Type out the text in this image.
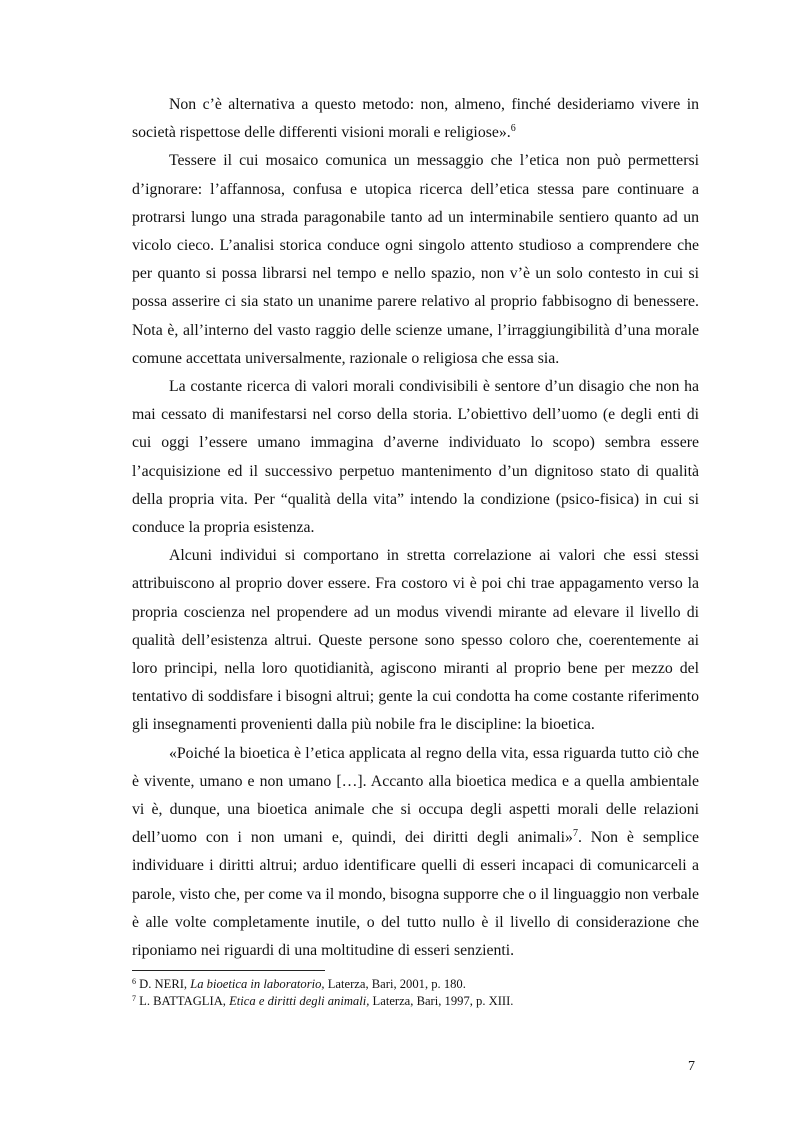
Non c’è alternativa a questo metodo: non, almeno, finché desideriamo vivere in società rispettose delle differenti visioni morali e religiose».$^6$

Tessere il cui mosaico comunica un messaggio che l’etica non può permettersi d’ignorare: l’affannosa, confusa e utopica ricerca dell’etica stessa pare continuare a protrarsi lungo una strada paragonabile tanto ad un interminabile sentiero quanto ad un vicolo cieco. L’analisi storica conduce ogni singolo attento studioso a comprendere che per quanto si possa librarsi nel tempo e nello spazio, non v’è un solo contesto in cui si possa asserire ci sia stato un unanime parere relativo al proprio fabbisogno di benessere. Nota è, all’interno del vasto raggio delle scienze umane, l’irraggiungibilità d’una morale comune accettata universalmente, razionale o religiosa che essa sia.

La costante ricerca di valori morali condivisibili è sentore d’un disagio che non ha mai cessato di manifestarsi nel corso della storia. L’obiettivo dell’uomo (e degli enti di cui oggi l’essere umano immagina d’averne individuato lo scopo) sembra essere l’acquisizione ed il successivo perpetuo mantenimento d’un dignitoso stato di qualità della propria vita. Per “qualità della vita” intendo la condizione (psico-fisica) in cui si conduce la propria esistenza.

Alcuni individui si comportano in stretta correlazione ai valori che essi stessi attribuiscono al proprio dover essere. Fra costoro vi è poi chi trae appagamento verso la propria coscienza nel propendere ad un modus vivendi mirante ad elevare il livello di qualità dell’esistenza altrui. Queste persone sono spesso coloro che, coerentemente ai loro principi, nella loro quotidianità, agiscono miranti al proprio bene per mezzo del tentativo di soddisfare i bisogni altrui; gente la cui condotta ha come costante riferimento gli insegnamenti provenienti dalla più nobile fra le discipline: la bioetica.

«Poiché la bioetica è l’etica applicata al regno della vita, essa riguarda tutto ciò che è vivente, umano e non umano […]. Accanto alla bioetica medica e a quella ambientale vi è, dunque, una bioetica animale che si occupa degli aspetti morali delle relazioni dell’uomo con i non umani e, quindi, dei diritti degli animali»$^7$. Non è semplice individuare i diritti altrui; arduo identificare quelli di esseri incapaci di comunicarceli a parole, visto che, per come va il mondo, bisogna supporre che o il linguaggio non verbale è alle volte completamente inutile, o del tutto nullo è il livello di considerazione che riponiamo nei riguardi di una moltitudine di esseri senzienti.

$^6$ D. NERI, La bioetica in laboratorio, Laterza, Bari, 2001, p. 180.

$^7$ L. BATTAGLIA, Etica e diritti degli animali, Laterza, Bari, 1997, p. XIII.

7
